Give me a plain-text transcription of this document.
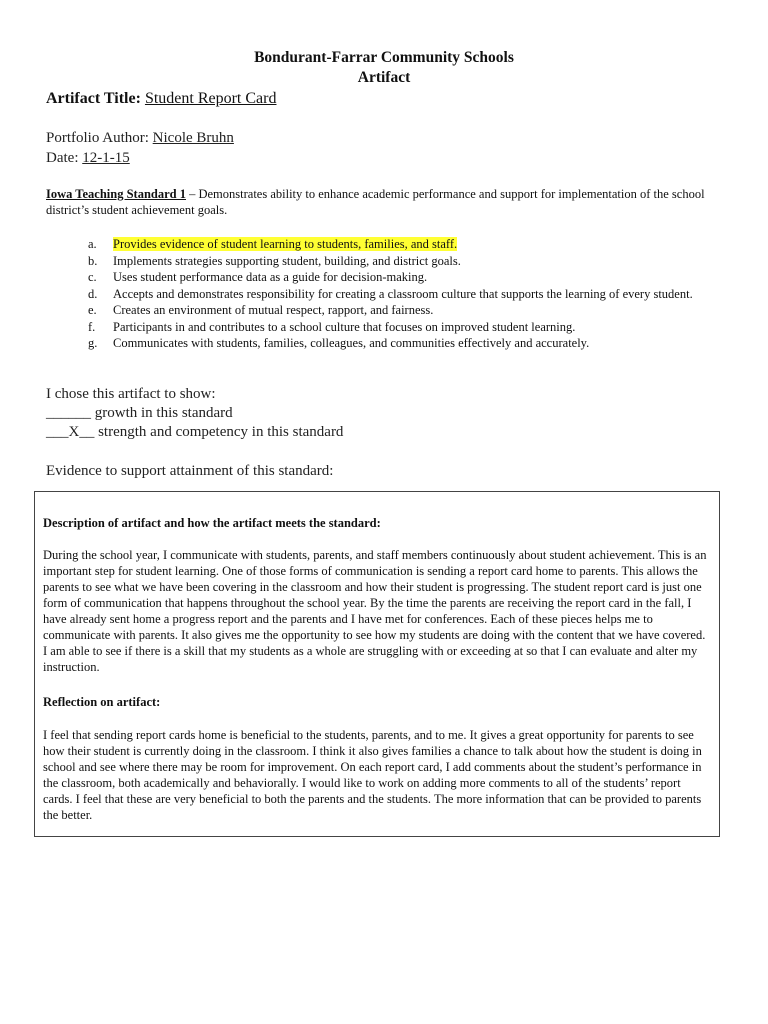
Bondurant-Farrar Community Schools
Artifact
Artifact Title: Student Report Card
Portfolio Author: Nicole Bruhn
Date: 12-1-15
Iowa Teaching Standard 1 – Demonstrates ability to enhance academic performance and support for implementation of the school district’s student achievement goals.
a. Provides evidence of student learning to students, families, and staff.
b. Implements strategies supporting student, building, and district goals.
c. Uses student performance data as a guide for decision-making.
d. Accepts and demonstrates responsibility for creating a classroom culture that supports the learning of every student.
e. Creates an environment of mutual respect, rapport, and fairness.
f. Participants in and contributes to a school culture that focuses on improved student learning.
g. Communicates with students, families, colleagues, and communities effectively and accurately.
I chose this artifact to show:
______ growth in this standard
___X__ strength and competency in this standard
Evidence to support attainment of this standard:
Description of artifact and how the artifact meets the standard:
During the school year, I communicate with students, parents, and staff members continuously about student achievement. This is an important step for student learning. One of those forms of communication is sending a report card home to parents. This allows the parents to see what we have been covering in the classroom and how their student is progressing. The student report card is just one form of communication that happens throughout the school year. By the time the parents are receiving the report card in the fall, I have already sent home a progress report and the parents and I have met for conferences. Each of these pieces helps me to communicate with parents. It also gives me the opportunity to see how my students are doing with the content that we have covered. I am able to see if there is a skill that my students as a whole are struggling with or exceeding at so that I can evaluate and alter my instruction.
Reflection on artifact:
I feel that sending report cards home is beneficial to the students, parents, and to me. It gives a great opportunity for parents to see how their student is currently doing in the classroom. I think it also gives families a chance to talk about how the student is doing in school and see where there may be room for improvement. On each report card, I add comments about the student’s performance in the classroom, both academically and behaviorally. I would like to work on adding more comments to all of the students’ report cards. I feel that these are very beneficial to both the parents and the students. The more information that can be provided to parents the better.
